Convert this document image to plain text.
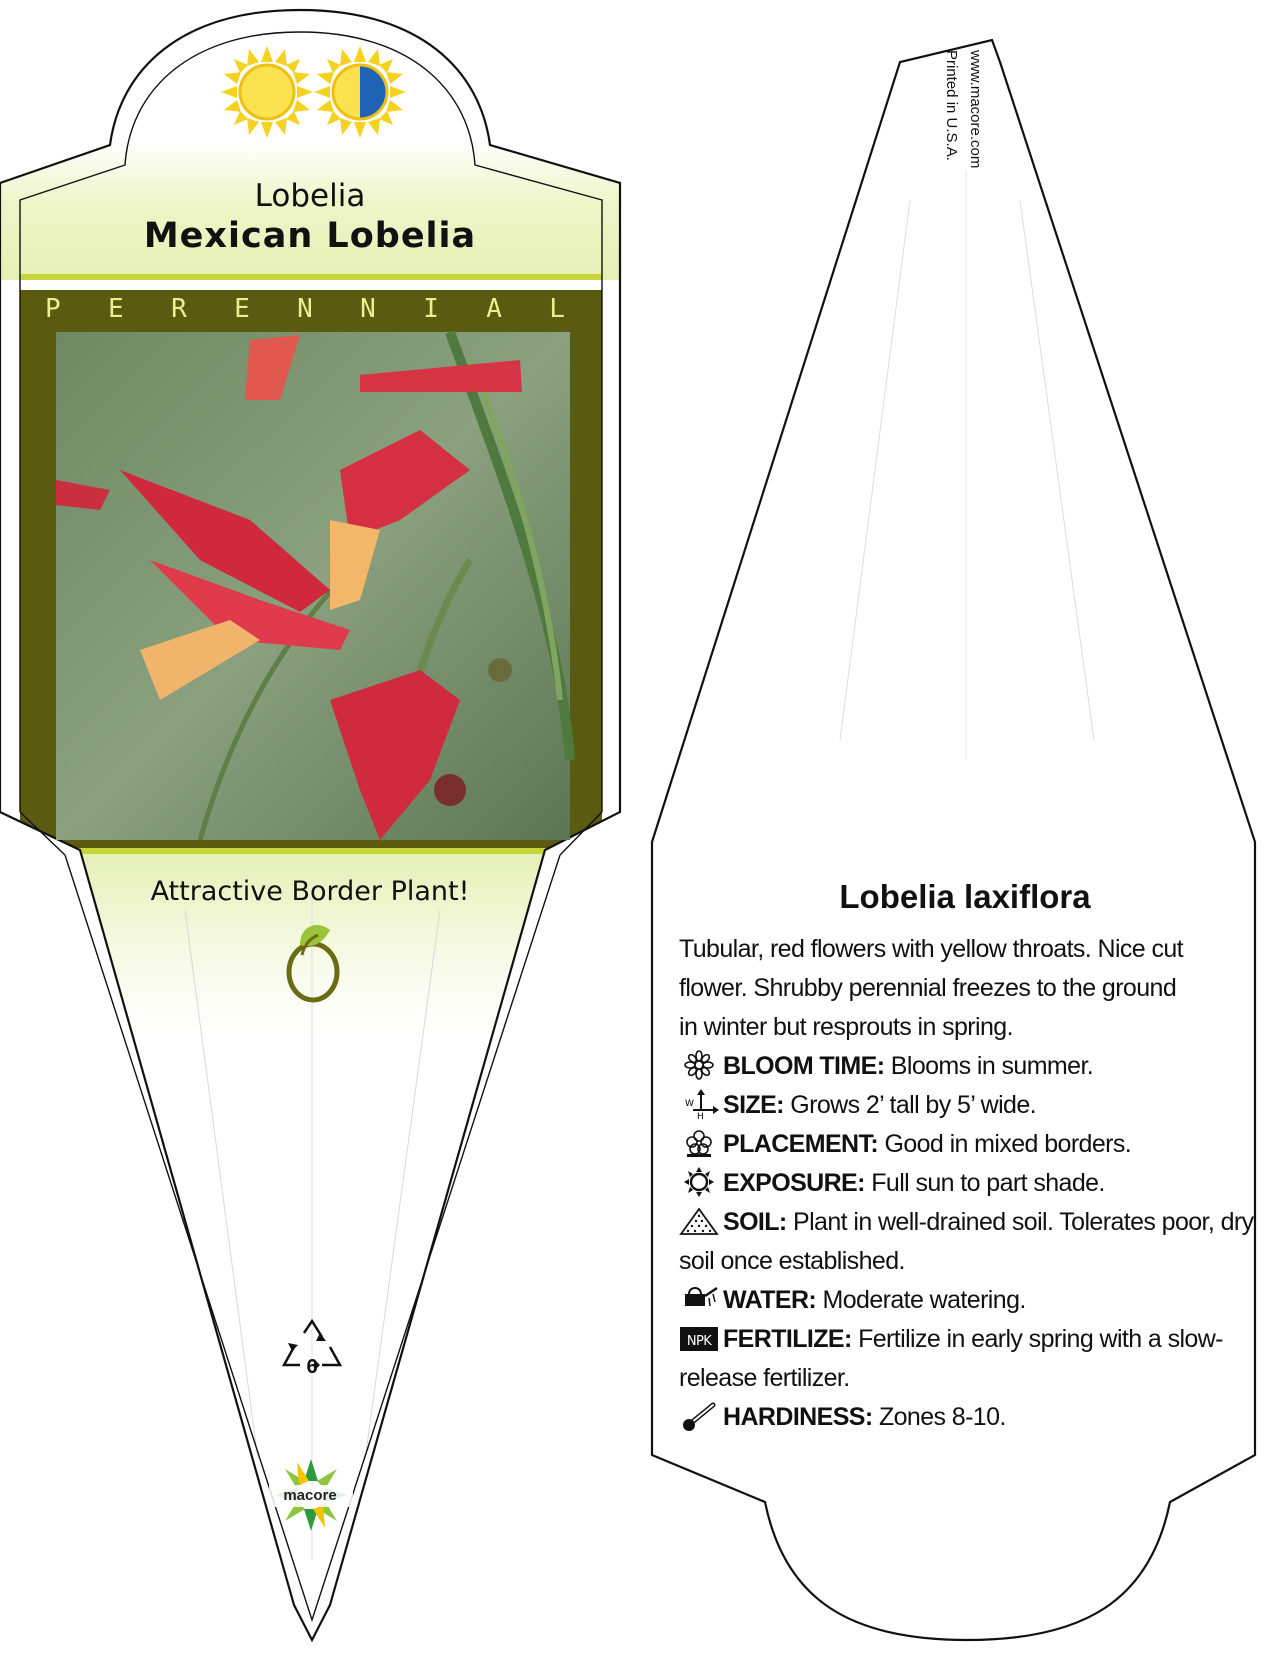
Lobelia
Mexican Lobelia
P E R E N N I A L
Attractive Border Plant!
6
macore
Printed in U.S.A. www.macore.com
Lobelia laxiflora

Tubular, red flowers with yellow throats. Nice cut flower. Shrubby perennial freezes to the ground in winter but resprouts in spring.

BLOOM TIME: Blooms in summer.
W
H SIZE: Grows 2’ tall by 5’ wide.
PLACEMENT: Good in mixed borders.
EXPOSURE: Full sun to part shade.
SOIL: Plant in well-drained soil. Tolerates poor, dry soil once established.
WATER: Moderate watering.
NPK FERTILIZE: Fertilize in early spring with a slow-release fertilizer.
HARDINESS: Zones 8-10.
